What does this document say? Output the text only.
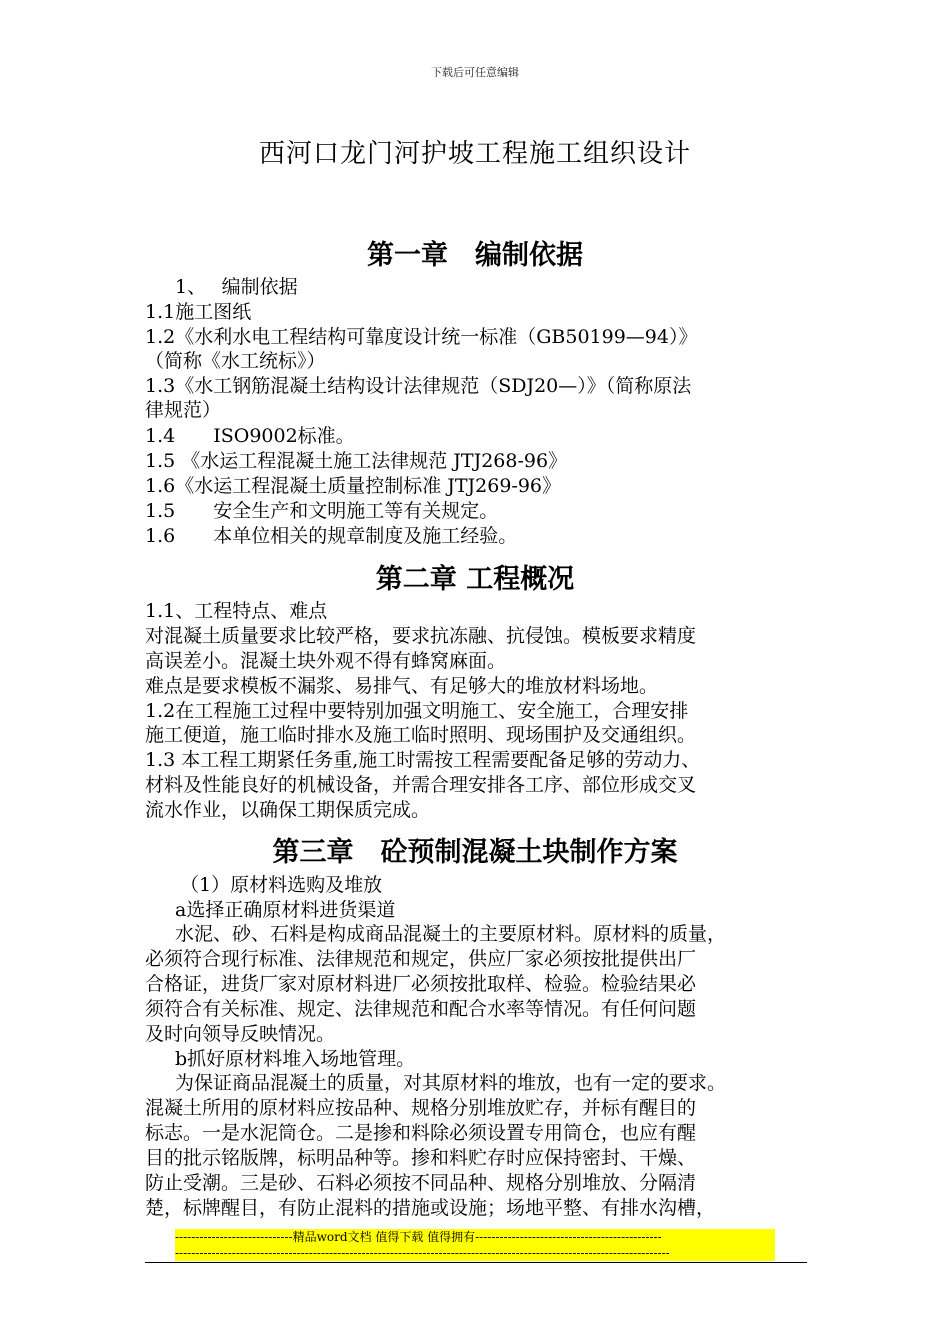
下载后可任意编辑
西河口龙门河护坡工程施工组织设计
第一章　编制依据
1、　 编制依据
1.1施工图纸
1.2《水利水电工程结构可靠度设计统一标准（GB50199—94）》
（简称《水工统标》）
1.3《水工钢筋混凝土结构设计法律规范（SDJ20—）》（简称原法
律规范）
1.4　　ISO9002标准。
1.5 《水运工程混凝土施工法律规范 JTJ268-96》
1.6《水运工程混凝土质量控制标准 JTJ269-96》
1.5　　安全生产和文明施工等有关规定。
1.6　　本单位相关的规章制度及施工经验。
第二章 工程概况
1.1、工程特点、难点
对混凝土质量要求比较严格，要求抗冻融、抗侵蚀。模板要求精度
高误差小。混凝土块外观不得有蜂窝麻面。
难点是要求模板不漏浆、易排气、有足够大的堆放材料场地。
1.2在工程施工过程中要特别加强文明施工、安全施工，合理安排
施工便道，施工临时排水及施工临时照明、现场围护及交通组织。
1.3 本工程工期紧任务重,施工时需按工程需要配备足够的劳动力、
材料及性能良好的机械设备，并需合理安排各工序、部位形成交叉
流水作业，以确保工期保质完成。
第三章　砼预制混凝土块制作方案
（1）原材料选购及堆放
a选择正确原材料进货渠道
水泥、砂、石料是构成商品混凝土的主要原材料。原材料的质量，
必须符合现行标准、法律规范和规定，供应厂家必须按批提供出厂
合格证，进货厂家对原材料进厂必须按批取样、检验。检验结果必
须符合有关标准、规定、法律规范和配合水率等情况。有任何问题
及时向领导反映情况。
b抓好原材料堆入场地管理。
为保证商品混凝土的质量，对其原材料的堆放，也有一定的要求。
混凝土所用的原材料应按品种、规格分别堆放贮存，并标有醒目的
标志。一是水泥筒仓。二是掺和料除必须设置专用筒仓，也应有醒
目的批示铭版牌，标明品种等。掺和料贮存时应保持密封、干燥、
防止受潮。三是砂、石料必须按不同品种、规格分别堆放、分隔清
楚，标牌醒目，有防止混料的措施或设施；场地平整、有排水沟槽，
-----------------------------精品word文档 值得下载 值得拥有----------------------------------------------
--------------------------------------------------------------------------------------------------------------------------
